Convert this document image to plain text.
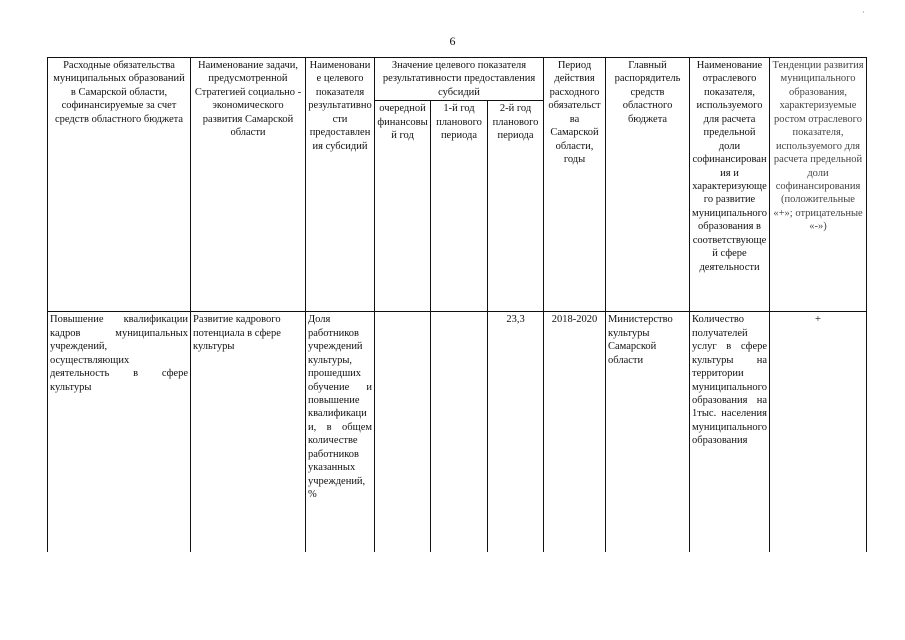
6
·
Расходные обязательства муниципальных образований в Самарской области, софинансируемые за счет средств областного бюджета	Наименование задачи, предусмотренной Стратегией социально - экономического развития Самарской области	Наименование целевого показателя результативности предоставления субсидий	Значение целевого показателя результативности предоставления субсидий			Период действия расходного обязательства Самарской области, годы	Главный распорядитель средств областного бюджета	Наименование отраслевого показателя, используемого для расчета предельной доли софинансирования и характеризующего развитие муниципального образования в соответствующей сфере деятельности	Тенденции развития муниципального образования, характеризуемые ростом отраслевого показателя, используемого для расчета предельной доли софинансирования (положительные «+»; отрицательные «-»)
			очередной финансовый год	1-й год планового периода	2-й год планового периода				
Повышение квалификации кадров муниципальных учреждений, осуществляющих деятельность в сфере культуры	Развитие кадрового потенциала в сфере культуры	Доля работников учреждений культуры, прошедших обучение и повышение квалификации, в общем количестве работников указанных учреждений, %			23,3	2018-2020	Министерство культуры Самарской области	Количество получателей услуг в сфере культуры на территории муниципального образования на 1тыс. населения муниципального образования	+
